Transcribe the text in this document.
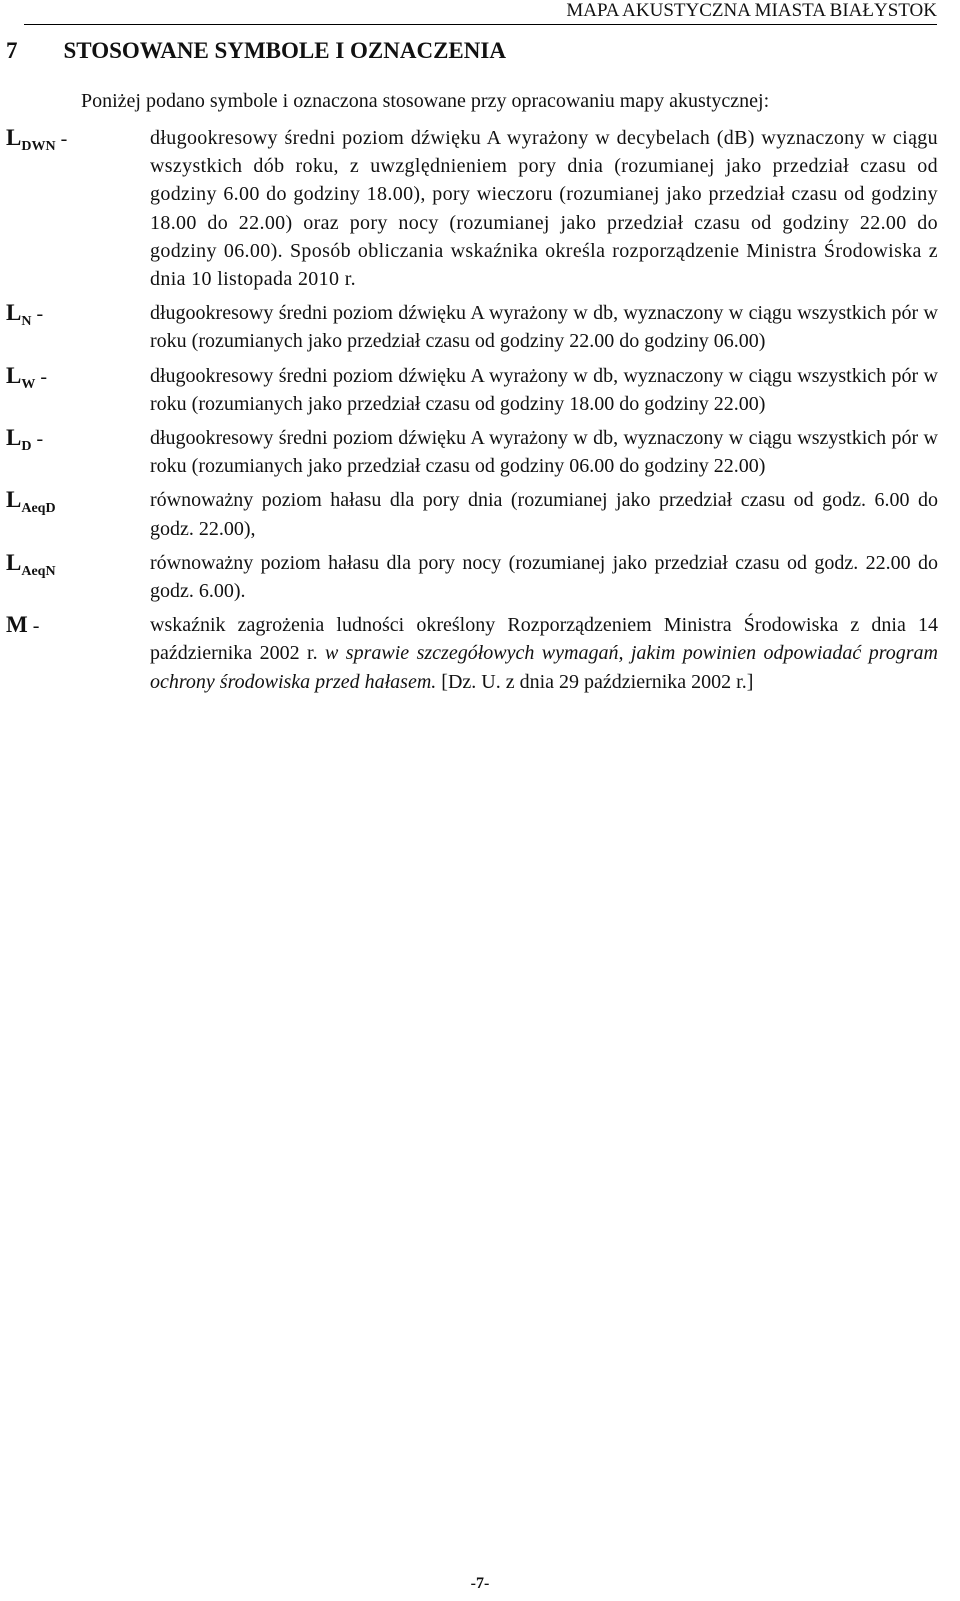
MAPA AKUSTYCZNA MIASTA BIAŁYSTOK
7 STOSOWANE SYMBOLE I OZNACZENIA
Poniżej podano symbole i oznaczona stosowane przy opracowaniu mapy akustycznej:
$L_{DWN}$ -	długookresowy średni poziom dźwięku A wyrażony w decybelach (dB) wyznaczony w ciągu wszystkich dób roku, z uwzględnieniem pory dnia (rozumianej jako przedział czasu od godziny 6.00 do godziny 18.00), pory wieczoru (rozumianej jako przedział czasu od godziny 18.00 do 22.00) oraz pory nocy (rozumianej jako przedział czasu od godziny 22.00 do godziny 06.00). Sposób obliczania wskaźnika określa rozporządzenie Ministra Środowiska z dnia 10 listopada 2010 r.
$L_N$ -	długookresowy średni poziom dźwięku A wyrażony w db, wyznaczony w ciągu wszystkich pór w roku (rozumianych jako przedział czasu od godziny 22.00 do godziny 06.00)
$L_W$ -	długookresowy średni poziom dźwięku A wyrażony w db, wyznaczony w ciągu wszystkich pór w roku (rozumianych jako przedział czasu od godziny 18.00 do godziny 22.00)
$L_D$ -	długookresowy średni poziom dźwięku A wyrażony w db, wyznaczony w ciągu wszystkich pór w roku (rozumianych jako przedział czasu od godziny 06.00 do godziny 22.00)
$L_{AeqD}$	równoważny poziom hałasu dla pory dnia (rozumianej jako przedział czasu od godz. 6.00 do godz. 22.00),
$L_{AeqN}$	równoważny poziom hałasu dla pory nocy (rozumianej jako przedział czasu od godz. 22.00 do godz. 6.00).
M -	wskaźnik zagrożenia ludności określony Rozporządzeniem Ministra Środowiska z dnia 14 października 2002 r. w sprawie szczegółowych wymagań, jakim powinien odpowiadać program ochrony środowiska przed hałasem. [Dz. U. z dnia 29 października 2002 r.]
-7-
